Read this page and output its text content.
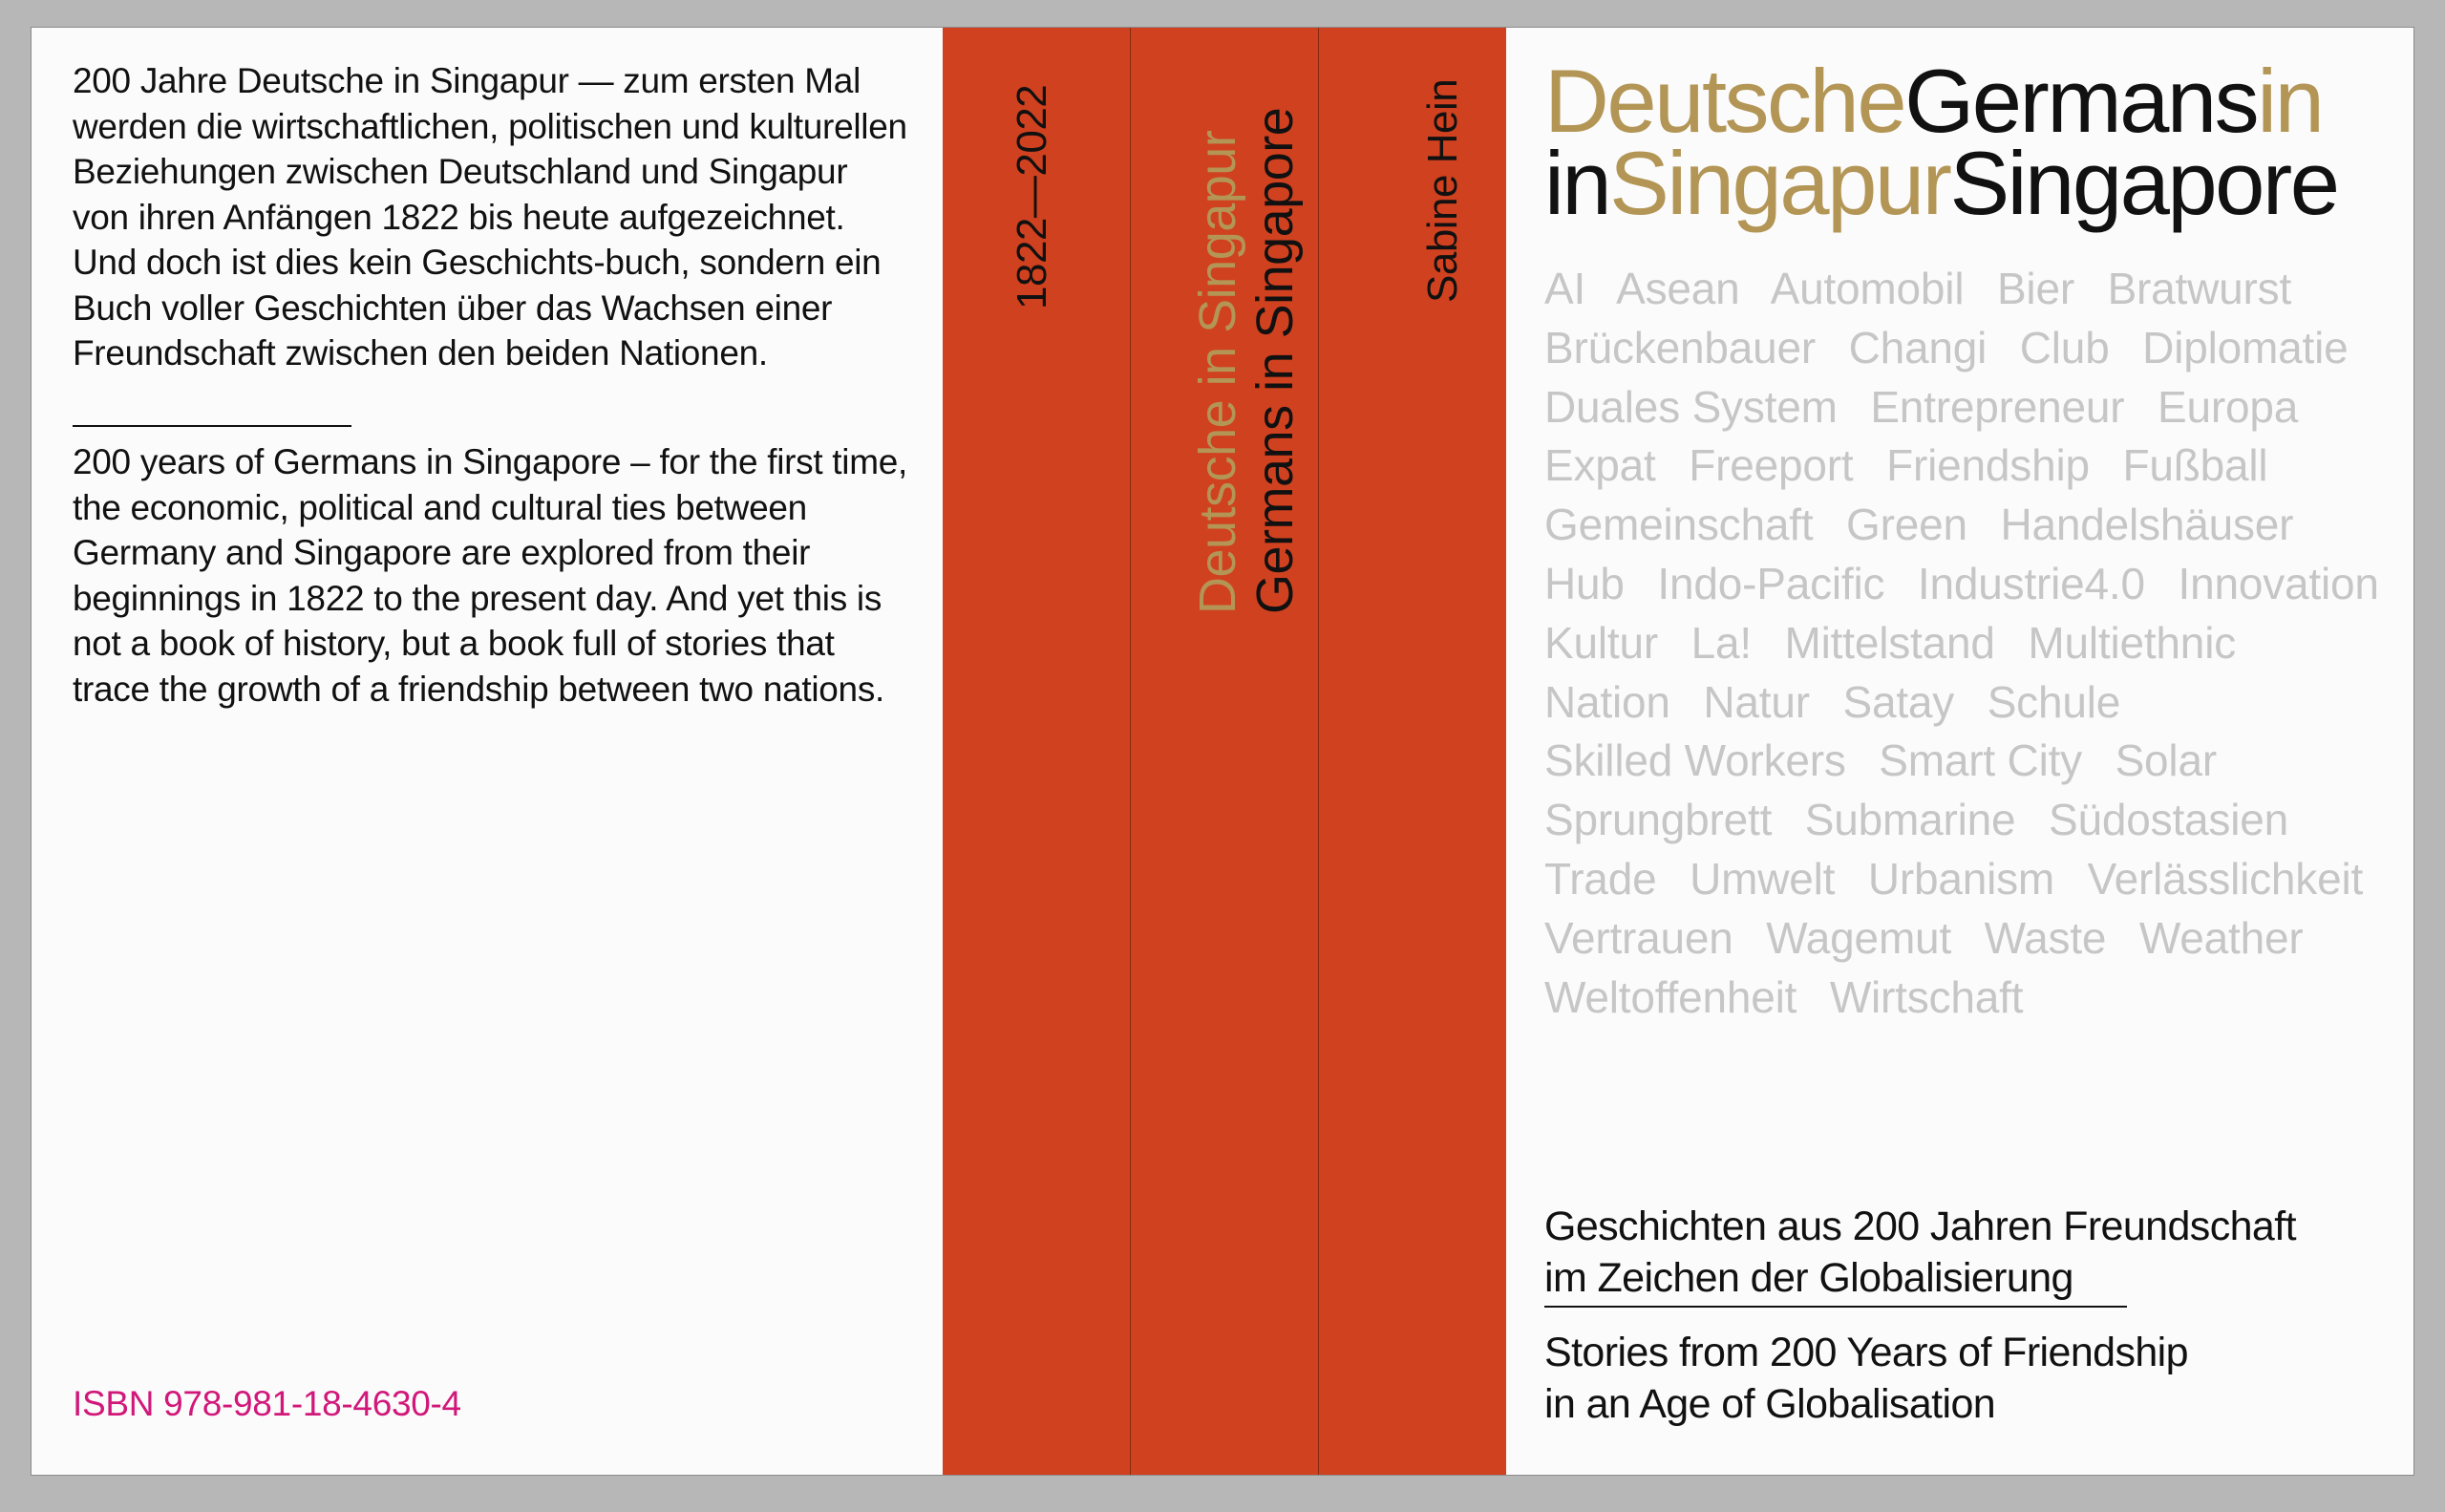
200 Jahre Deutsche in Singapur — zum ersten Mal werden die wirtschaftlichen, politischen und kulturellen Beziehungen zwischen Deutschland und Singapur von ihren Anfängen 1822 bis heute aufgezeichnet. Und doch ist dies kein Geschichts-buch, sondern ein Buch voller Geschichten über das Wachsen einer Freundschaft zwischen den beiden Nationen.

200 years of Germans in Singapore – for the first time, the economic, political and cultural ties between Germany and Singapore are explored from their beginnings in 1822 to the present day. And yet this is not a book of history, but a book full of stories that trace the growth of a friendship between two nations.

ISBN 978-981-18-4630-4
1822—2022	Deutsche in Singapur Germans in Singapore	Sabine Hein DeutscheGermansin
inSingapurSingapore
AI Asean Automobil Bier Bratwurst Brückenbauer Changi Club Diplomatie Duales System Entrepreneur Europa Expat Freeport Friendship Fußball Gemeinschaft Green Handelshäuser Hub Indo-Pacific Industrie4.0 Innovation Kultur La! Mittelstand Multiethnic Nation Natur Satay Schule Skilled Workers Smart City Solar Sprungbrett Submarine Südostasien Trade Umwelt Urbanism Verlässlichkeit Vertrauen Wagemut Waste Weather Weltoffenheit Wirtschaft
Geschichten aus 200 Jahren Freundschaft
im Zeichen der Globalisierung
Stories from 200 Years of Friendship
in an Age of Globalisation
